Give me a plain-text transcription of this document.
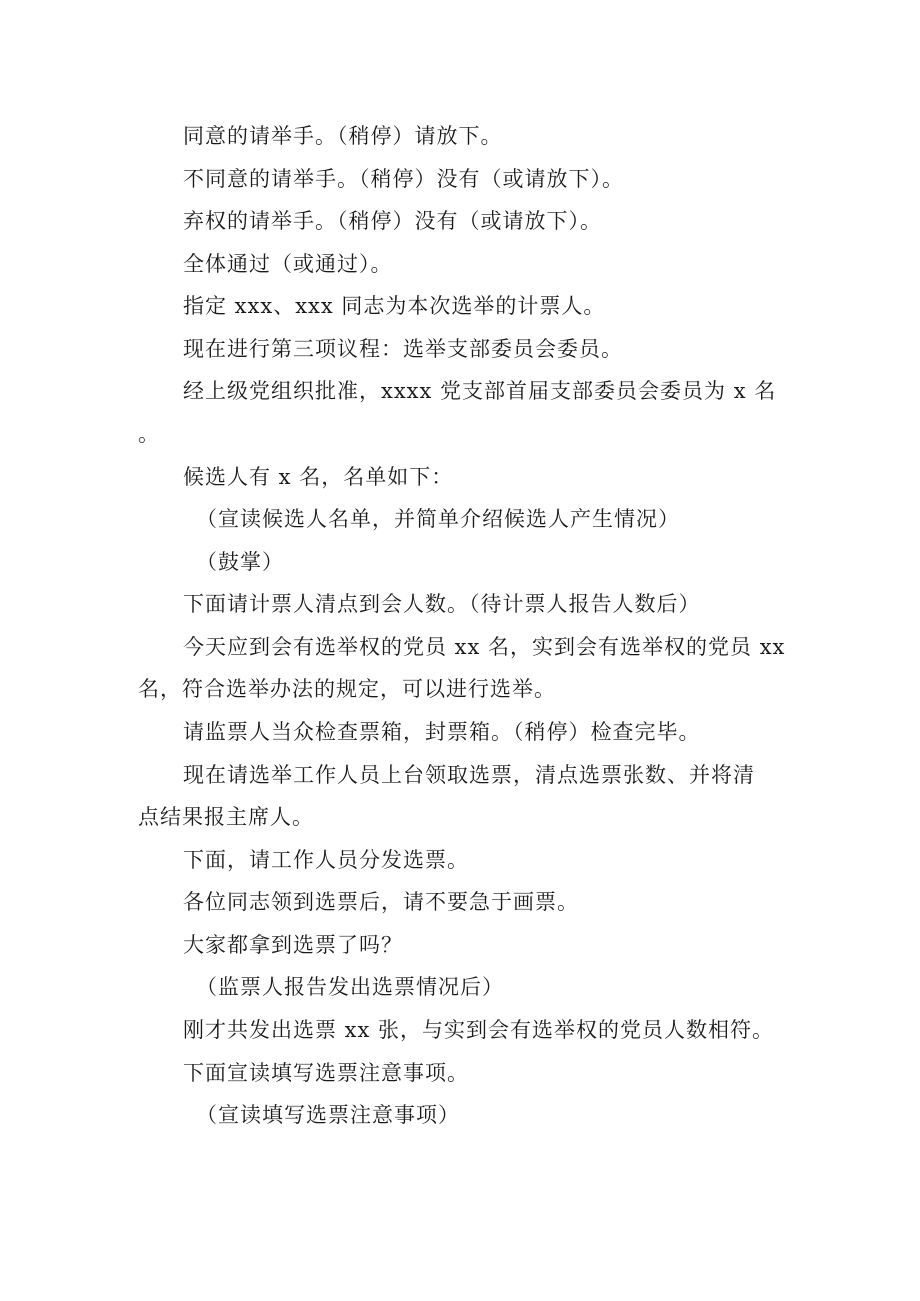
同意的请举手。（稍停）请放下。
不同意的请举手。（稍停）没有（或请放下）。
弃权的请举手。（稍停）没有（或请放下）。
全体通过（或通过）。
指定 xxx、xxx 同志为本次选举的计票人。
现在进行第三项议程：选举支部委员会委员。
经上级党组织批准，xxxx 党支部首届支部委员会委员为 x 名
。
候选人有 x 名，名单如下：
（宣读候选人名单，并简单介绍候选人产生情况）
（鼓掌）
下面请计票人清点到会人数。（待计票人报告人数后）
今天应到会有选举权的党员 xx 名，实到会有选举权的党员 xx
名，符合选举办法的规定，可以进行选举。
请监票人当众检查票箱，封票箱。（稍停）检查完毕。
现在请选举工作人员上台领取选票，清点选票张数、并将清
点结果报主席人。
下面，请工作人员分发选票。
各位同志领到选票后，请不要急于画票。
大家都拿到选票了吗？
（监票人报告发出选票情况后）
刚才共发出选票 xx 张，与实到会有选举权的党员人数相符。
下面宣读填写选票注意事项。
（宣读填写选票注意事项）
